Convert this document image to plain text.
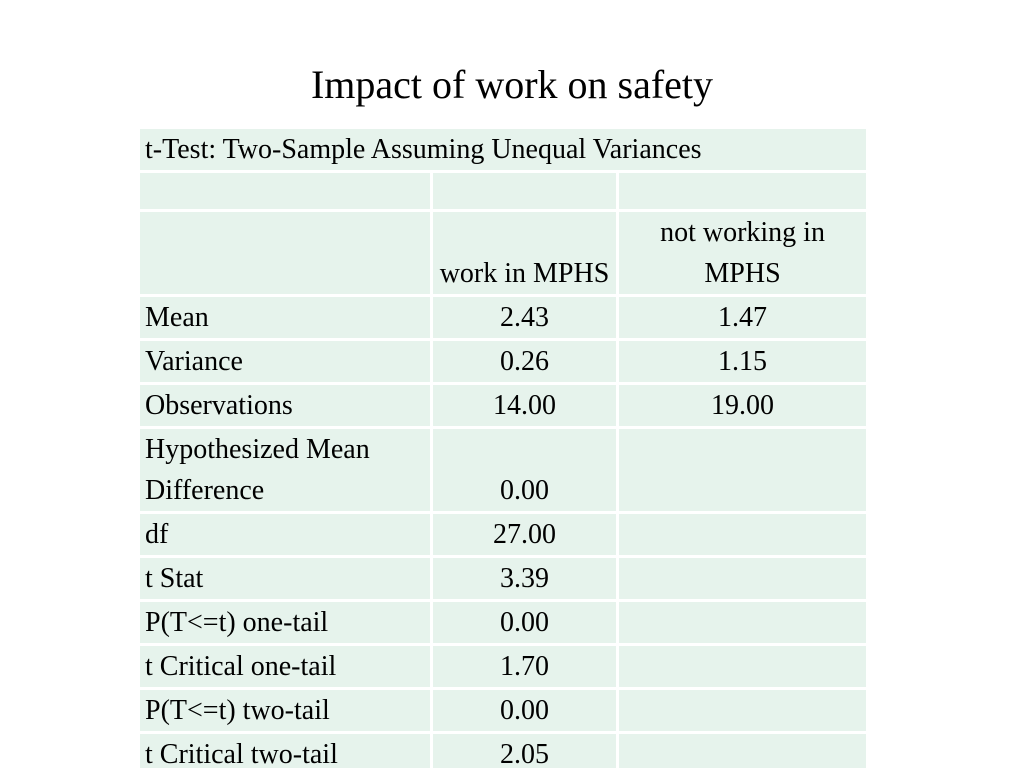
Impact of work on safety
t-Test: Two-Sample Assuming Unequal Variances		

	work in MPHS	not working in MPHS
Mean	2.43	1.47
Variance	0.26	1.15
Observations	14.00	19.00
Hypothesized Mean Difference	0.00	
df	27.00	
t Stat	3.39	
P(T<=t) one-tail	0.00	
t Critical one-tail	1.70	
P(T<=t) two-tail	0.00	
t Critical two-tail	2.05	
